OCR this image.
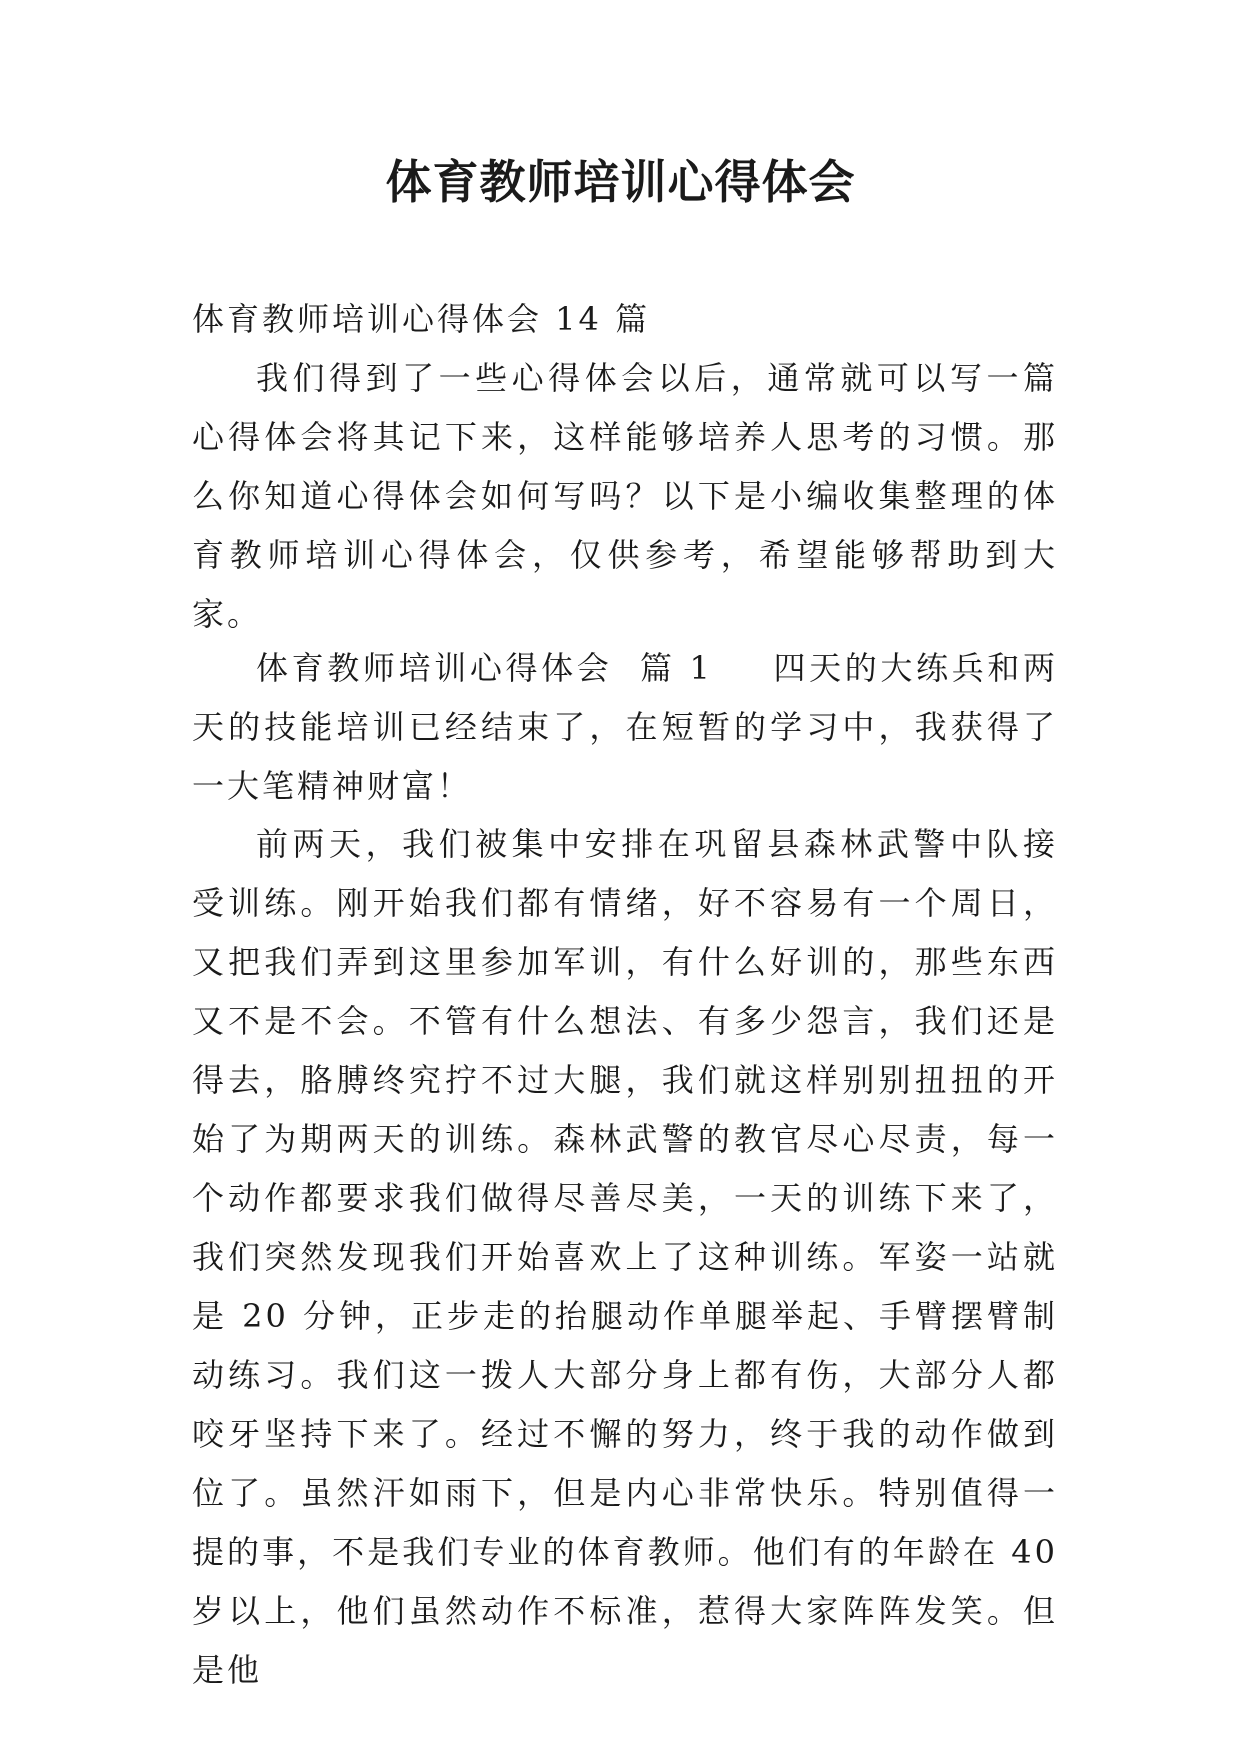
体育教师培训心得体会
体育教师培训心得体会 14 篇

我们得到了一些心得体会以后，通常就可以写一篇心得体会将其记下来，这样能够培养人思考的习惯。那么你知道心得体会如何写吗？以下是小编收集整理的体育教师培训心得体会，仅供参考，希望能够帮助到大家。

体育教师培训心得体会  篇 1 四天的大练兵和两天的技能培训已经结束了，在短暂的学习中，我获得了一大笔精神财富！

前两天，我们被集中安排在巩留县森林武警中队接受训练。刚开始我们都有情绪，好不容易有一个周日，又把我们弄到这里参加军训，有什么好训的，那些东西又不是不会。不管有什么想法、有多少怨言，我们还是得去，胳膊终究拧不过大腿，我们就这样别别扭扭的开始了为期两天的训练。森林武警的教官尽心尽责，每一个动作都要求我们做得尽善尽美，一天的训练下来了，我们突然发现我们开始喜欢上了这种训练。军姿一站就是 20 分钟，正步走的抬腿动作单腿举起、手臂摆臂制动练习。我们这一拨人大部分身上都有伤，大部分人都咬牙坚持下来了。经过不懈的努力，终于我的动作做到位了。虽然汗如雨下，但是内心非常快乐。特别值得一提的事，不是我们专业的体育教师。他们有的年龄在 40 岁以上，他们虽然动作不标准，惹得大家阵阵发笑。但是他
